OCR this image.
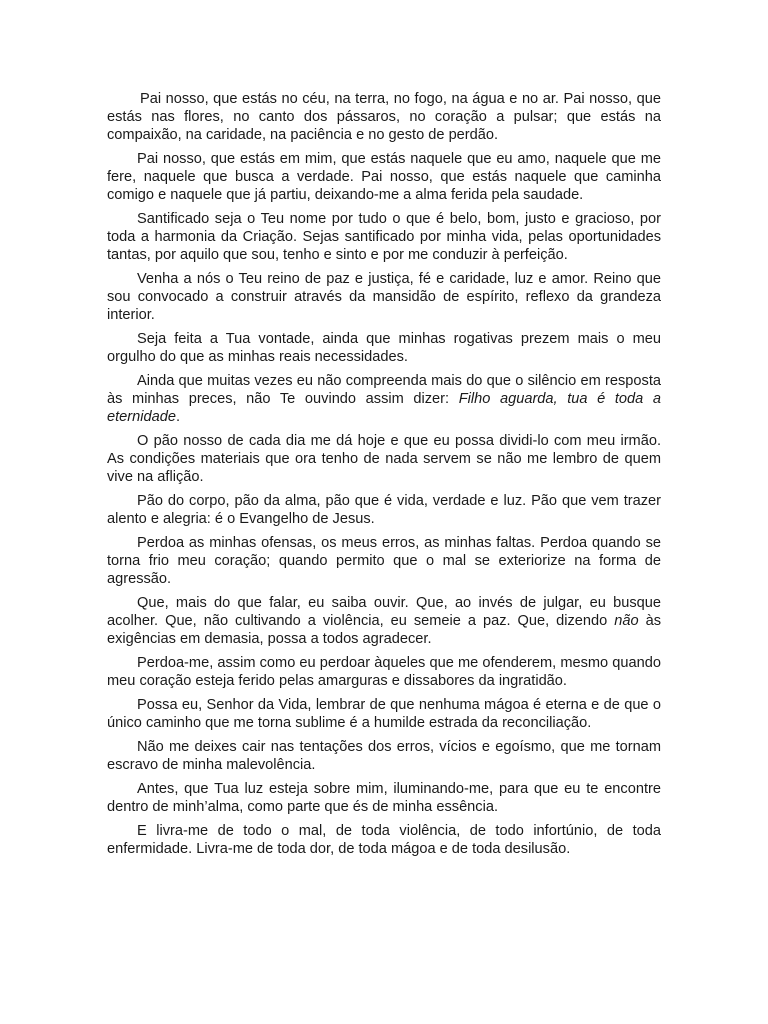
Pai nosso, que estás no céu, na terra, no fogo, na água e no ar. Pai nosso, que estás nas flores, no canto dos pássaros, no coração a pulsar; que estás na compaixão, na caridade, na paciência e no gesto de perdão.

Pai nosso, que estás em mim, que estás naquele que eu amo, naquele que me fere, naquele que busca a verdade. Pai nosso, que estás naquele que caminha comigo e naquele que já partiu, deixando-me a alma ferida pela saudade.

Santificado seja o Teu nome por tudo o que é belo, bom, justo e gracioso, por toda a harmonia da Criação. Sejas santificado por minha vida, pelas oportunidades tantas, por aquilo que sou, tenho e sinto e por me conduzir à perfeição.

Venha a nós o Teu reino de paz e justiça, fé e caridade, luz e amor. Reino que sou convocado a construir através da mansidão de espírito, reflexo da grandeza interior.

Seja feita a Tua vontade, ainda que minhas rogativas prezem mais o meu orgulho do que as minhas reais necessidades.

Ainda que muitas vezes eu não compreenda mais do que o silêncio em resposta às minhas preces, não Te ouvindo assim dizer: Filho aguarda, tua é toda a eternidade.

O pão nosso de cada dia me dá hoje e que eu possa dividi-lo com meu irmão. As condições materiais que ora tenho de nada servem se não me lembro de quem vive na aflição.

Pão do corpo, pão da alma, pão que é vida, verdade e luz. Pão que vem trazer alento e alegria: é o Evangelho de Jesus.

Perdoa as minhas ofensas, os meus erros, as minhas faltas. Perdoa quando se torna frio meu coração; quando permito que o mal se exteriorize na forma de agressão.

Que, mais do que falar, eu saiba ouvir. Que, ao invés de julgar, eu busque acolher. Que, não cultivando a violência, eu semeie a paz. Que, dizendo não às exigências em demasia, possa a todos agradecer.

Perdoa-me, assim como eu perdoar àqueles que me ofenderem, mesmo quando meu coração esteja ferido pelas amarguras e dissabores da ingratidão.

Possa eu, Senhor da Vida, lembrar de que nenhuma mágoa é eterna e de que o único caminho que me torna sublime é a humilde estrada da reconciliação.

Não me deixes cair nas tentações dos erros, vícios e egoísmo, que me tornam escravo de minha malevolência.

Antes, que Tua luz esteja sobre mim, iluminando-me, para que eu te encontre dentro de minh’alma, como parte que és de minha essência.

E livra-me de todo o mal, de toda violência, de todo infortúnio, de toda enfermidade. Livra-me de toda dor, de toda mágoa e de toda desilusão.
